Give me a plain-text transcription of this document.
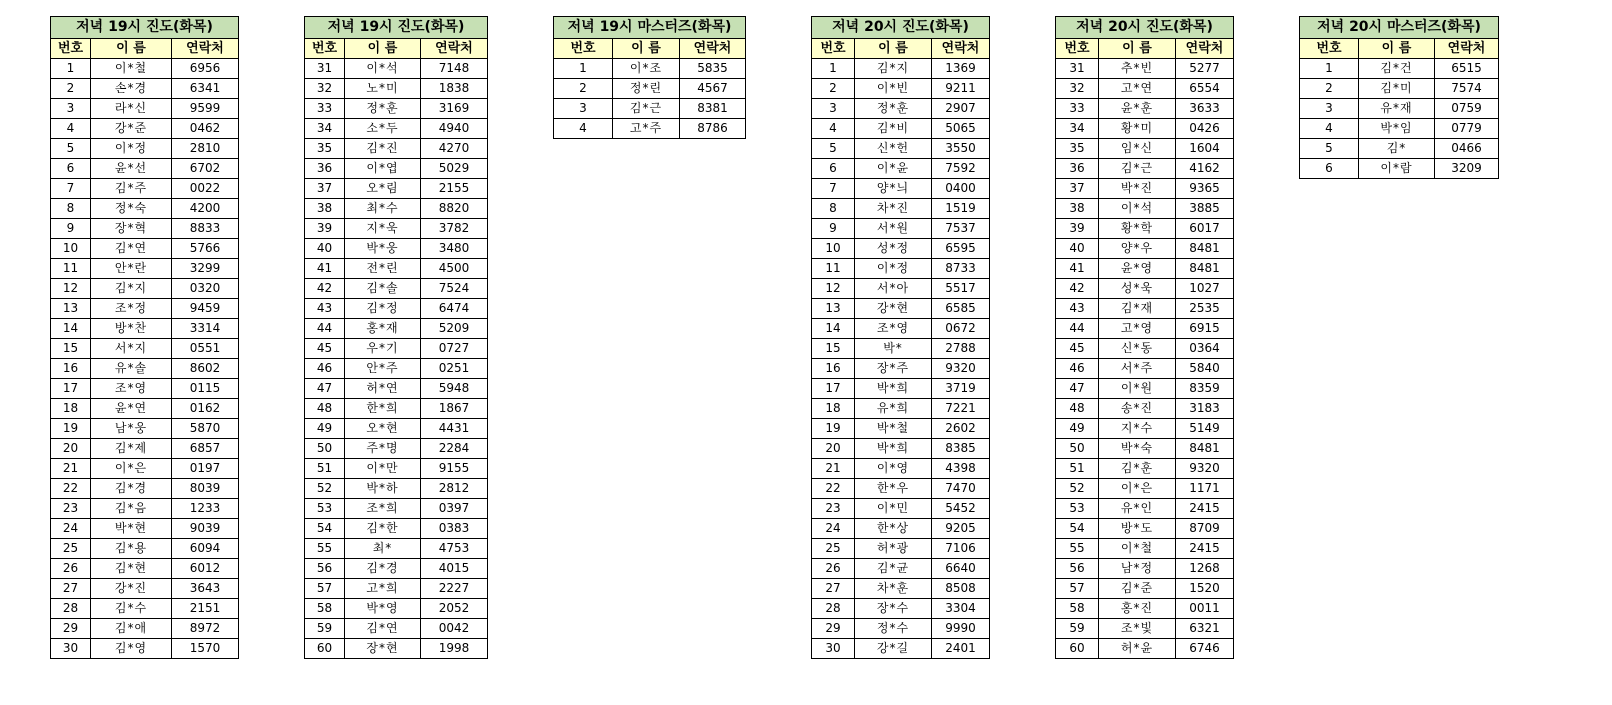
저녁 19시 진도(화목)		
번호	이 름	연락처
1	이*철	6956
2	손*경	6341
3	라*신	9599
4	강*준	0462
5	이*정	2810
6	윤*선	6702
7	김*주	0022
8	정*숙	4200
9	장*혁	8833
10	김*연	5766
11	안*란	3299
12	김*지	0320
13	조*정	9459
14	방*찬	3314
15	서*지	0551
16	유*솔	8602
17	조*영	0115
18	윤*연	0162
19	남*웅	5870
20	김*제	6857
21	이*은	0197
22	김*경	8039
23	김*음	1233
24	박*현	9039
25	김*용	6094
26	김*현	6012
27	강*진	3643
28	김*수	2151
29	김*애	8972
30	김*영	1570
저녁 19시 진도(화목)		
번호	이 름	연락처
31	이*석	7148
32	노*미	1838
33	정*훈	3169
34	소*두	4940
35	김*진	4270
36	이*엽	5029
37	오*림	2155
38	최*수	8820
39	지*욱	3782
40	박*웅	3480
41	전*린	4500
42	김*솔	7524
43	김*정	6474
44	홍*재	5209
45	우*기	0727
46	안*주	0251
47	허*연	5948
48	한*희	1867
49	오*현	4431
50	주*명	2284
51	이*만	9155
52	박*하	2812
53	조*희	0397
54	김*한	0383
55	최*	4753
56	김*경	4015
57	고*희	2227
58	박*영	2052
59	김*연	0042
60	장*현	1998
저녁 19시 마스터즈(화목)		
번호	이 름	연락처
1	이*조	5835
2	정*린	4567
3	김*근	8381
4	고*주	8786
저녁 20시 진도(화목)		
번호	이 름	연락처
1	김*지	1369
2	이*빈	9211
3	정*훈	2907
4	김*비	5065
5	신*헌	3550
6	이*윤	7592
7	양*늬	0400
8	차*진	1519
9	서*원	7537
10	성*정	6595
11	이*정	8733
12	서*아	5517
13	강*현	6585
14	조*영	0672
15	박*	2788
16	장*주	9320
17	박*희	3719
18	유*희	7221
19	박*철	2602
20	박*희	8385
21	이*영	4398
22	한*우	7470
23	이*민	5452
24	한*상	9205
25	허*광	7106
26	김*균	6640
27	차*훈	8508
28	장*수	3304
29	정*수	9990
30	강*길	2401
저녁 20시 진도(화목)		
번호	이 름	연락처
31	추*빈	5277
32	고*연	6554
33	윤*훈	3633
34	황*미	0426
35	임*신	1604
36	김*근	4162
37	박*진	9365
38	이*석	3885
39	황*학	6017
40	양*우	8481
41	윤*영	8481
42	성*욱	1027
43	김*재	2535
44	고*영	6915
45	신*동	0364
46	서*주	5840
47	이*원	8359
48	송*진	3183
49	지*수	5149
50	박*숙	8481
51	김*훈	9320
52	이*은	1171
53	유*인	2415
54	방*도	8709
55	이*철	2415
56	남*정	1268
57	김*준	1520
58	홍*진	0011
59	조*빛	6321
60	허*윤	6746
저녁 20시 마스터즈(화목)		
번호	이 름	연락처
1	김*건	6515
2	김*미	7574
3	유*재	0759
4	박*임	0779
5	김*	0466
6	이*람	3209
